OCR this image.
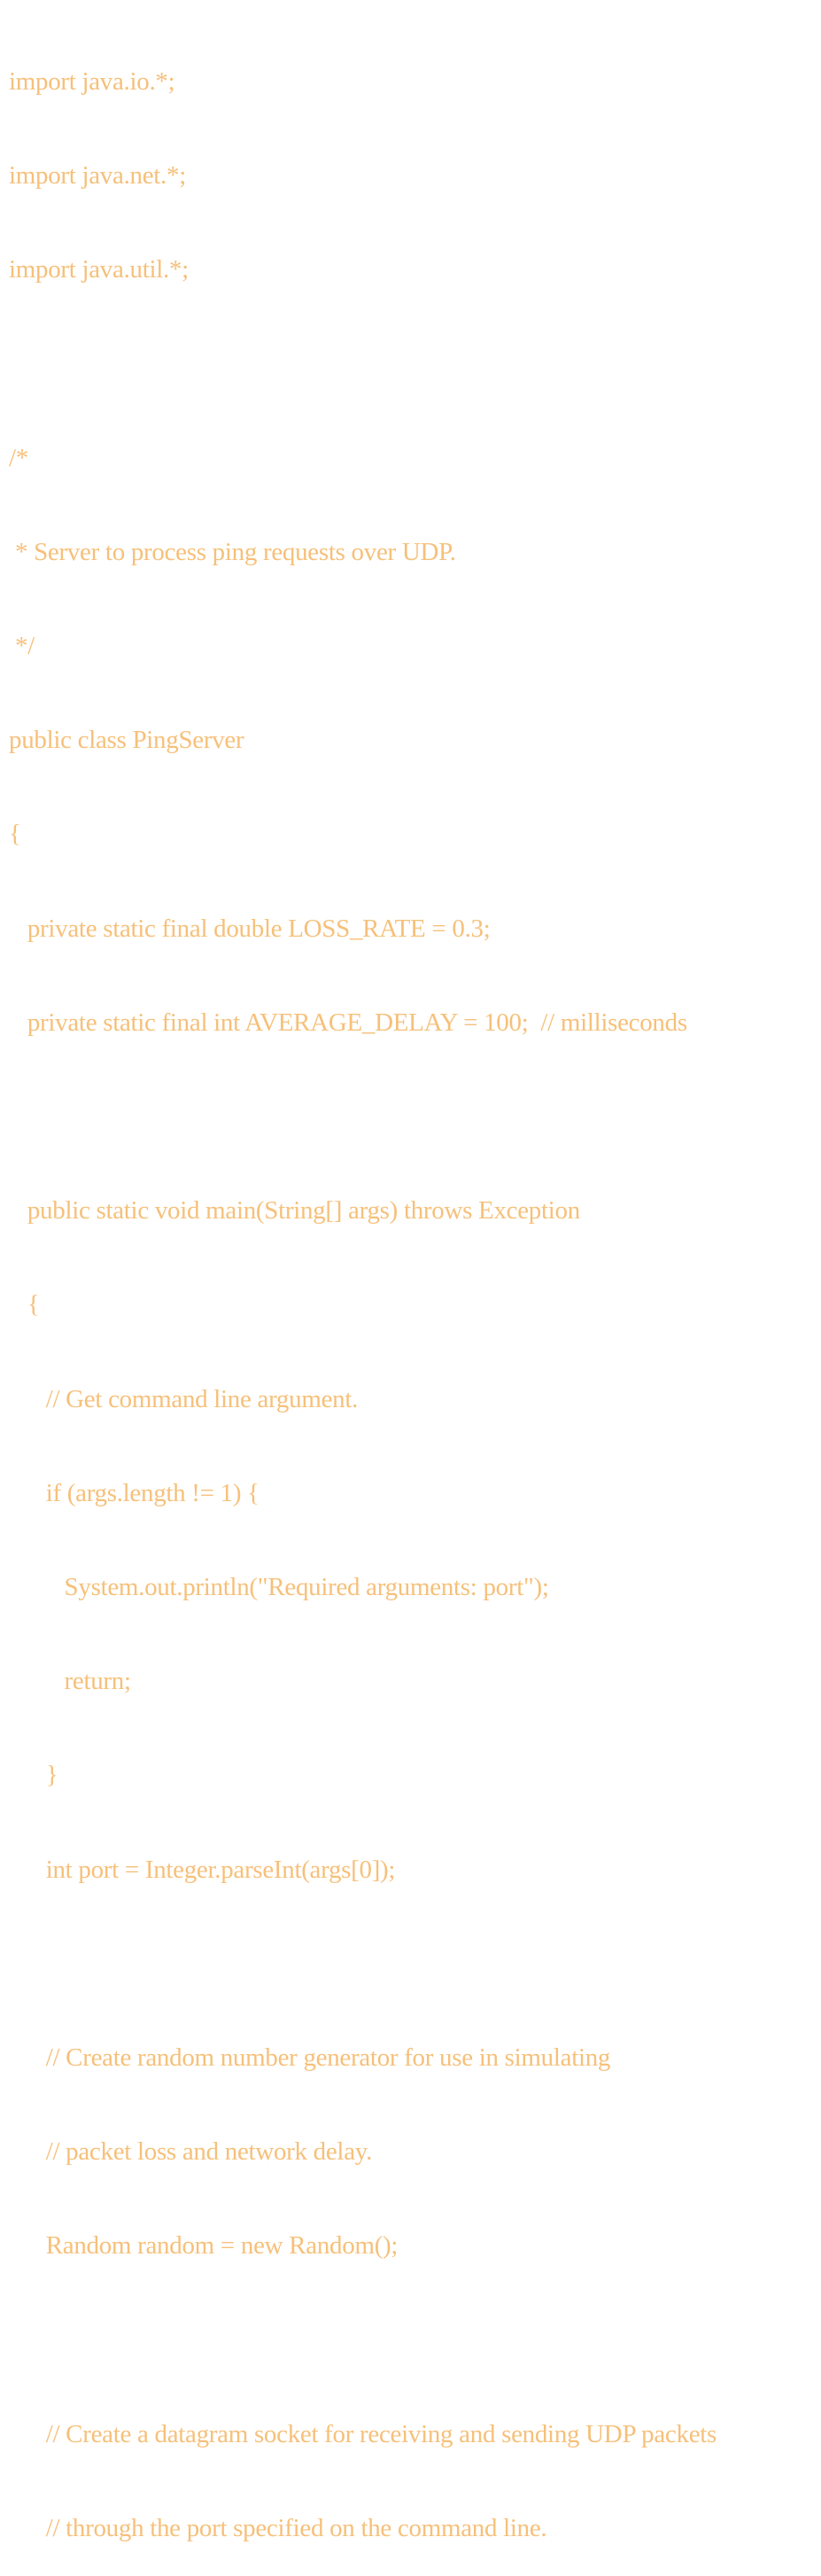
import java.io.*;

import java.net.*;

import java.util.*;

/*

* Server to process ping requests over UDP.

*/

public class PingServer

{

private static final double LOSS_RATE = 0.3;

private static final int AVERAGE_DELAY = 100;  // milliseconds

public static void main(String[] args) throws Exception

{

// Get command line argument.

if (args.length != 1) {

System.out.println("Required arguments: port");

return;

}

int port = Integer.parseInt(args[0]);

// Create random number generator for use in simulating

// packet loss and network delay.

Random random = new Random();

// Create a datagram socket for receiving and sending UDP packets

// through the port specified on the command line.
